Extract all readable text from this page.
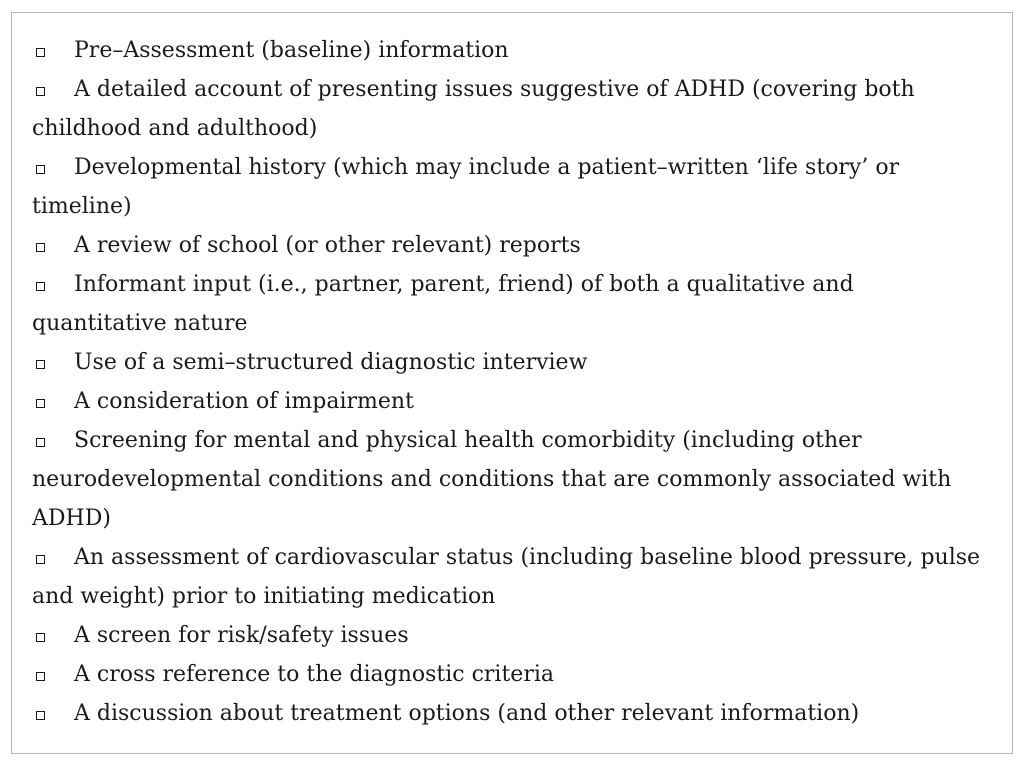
Pre–Assessment (baseline) information
A detailed account of presenting issues suggestive of ADHD (covering both childhood and adulthood)
Developmental history (which may include a patient–written ‘life story’ or timeline)
A review of school (or other relevant) reports
Informant input (i.e., partner, parent, friend) of both a qualitative and quantitative nature
Use of a semi–structured diagnostic interview
A consideration of impairment
Screening for mental and physical health comorbidity (including other neurodevelopmental conditions and conditions that are commonly associated with ADHD)
An assessment of cardiovascular status (including baseline blood pressure, pulse and weight) prior to initiating medication
A screen for risk/safety issues
A cross reference to the diagnostic criteria
A discussion about treatment options (and other relevant information)
